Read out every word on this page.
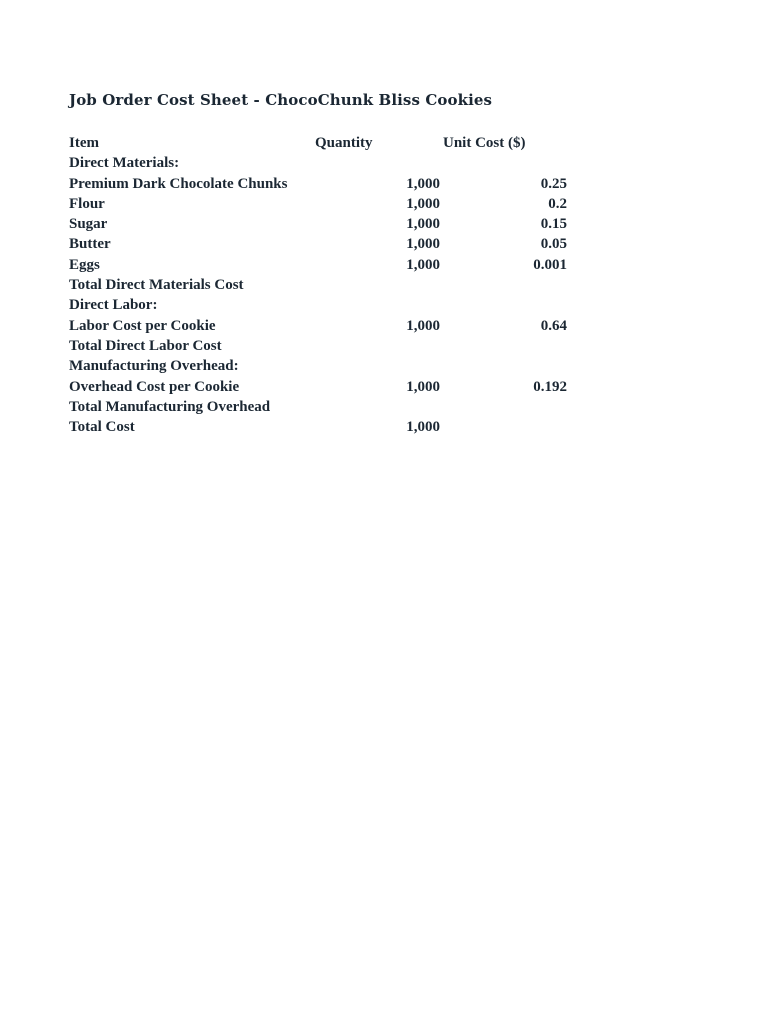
Job Order Cost Sheet - ChocoChunk Bliss Cookies
Item	Quantity	Unit Cost ($)
Direct Materials:
Premium Dark Chocolate Chunks	1,000	0.25
Flour	1,000	0.2
Sugar	1,000	0.15
Butter	1,000	0.05
Eggs	1,000	0.001
Total Direct Materials Cost
Direct Labor:
Labor Cost per Cookie	1,000	0.64
Total Direct Labor Cost
Manufacturing Overhead:
Overhead Cost per Cookie	1,000	0.192
Total Manufacturing Overhead
Total Cost	1,000
